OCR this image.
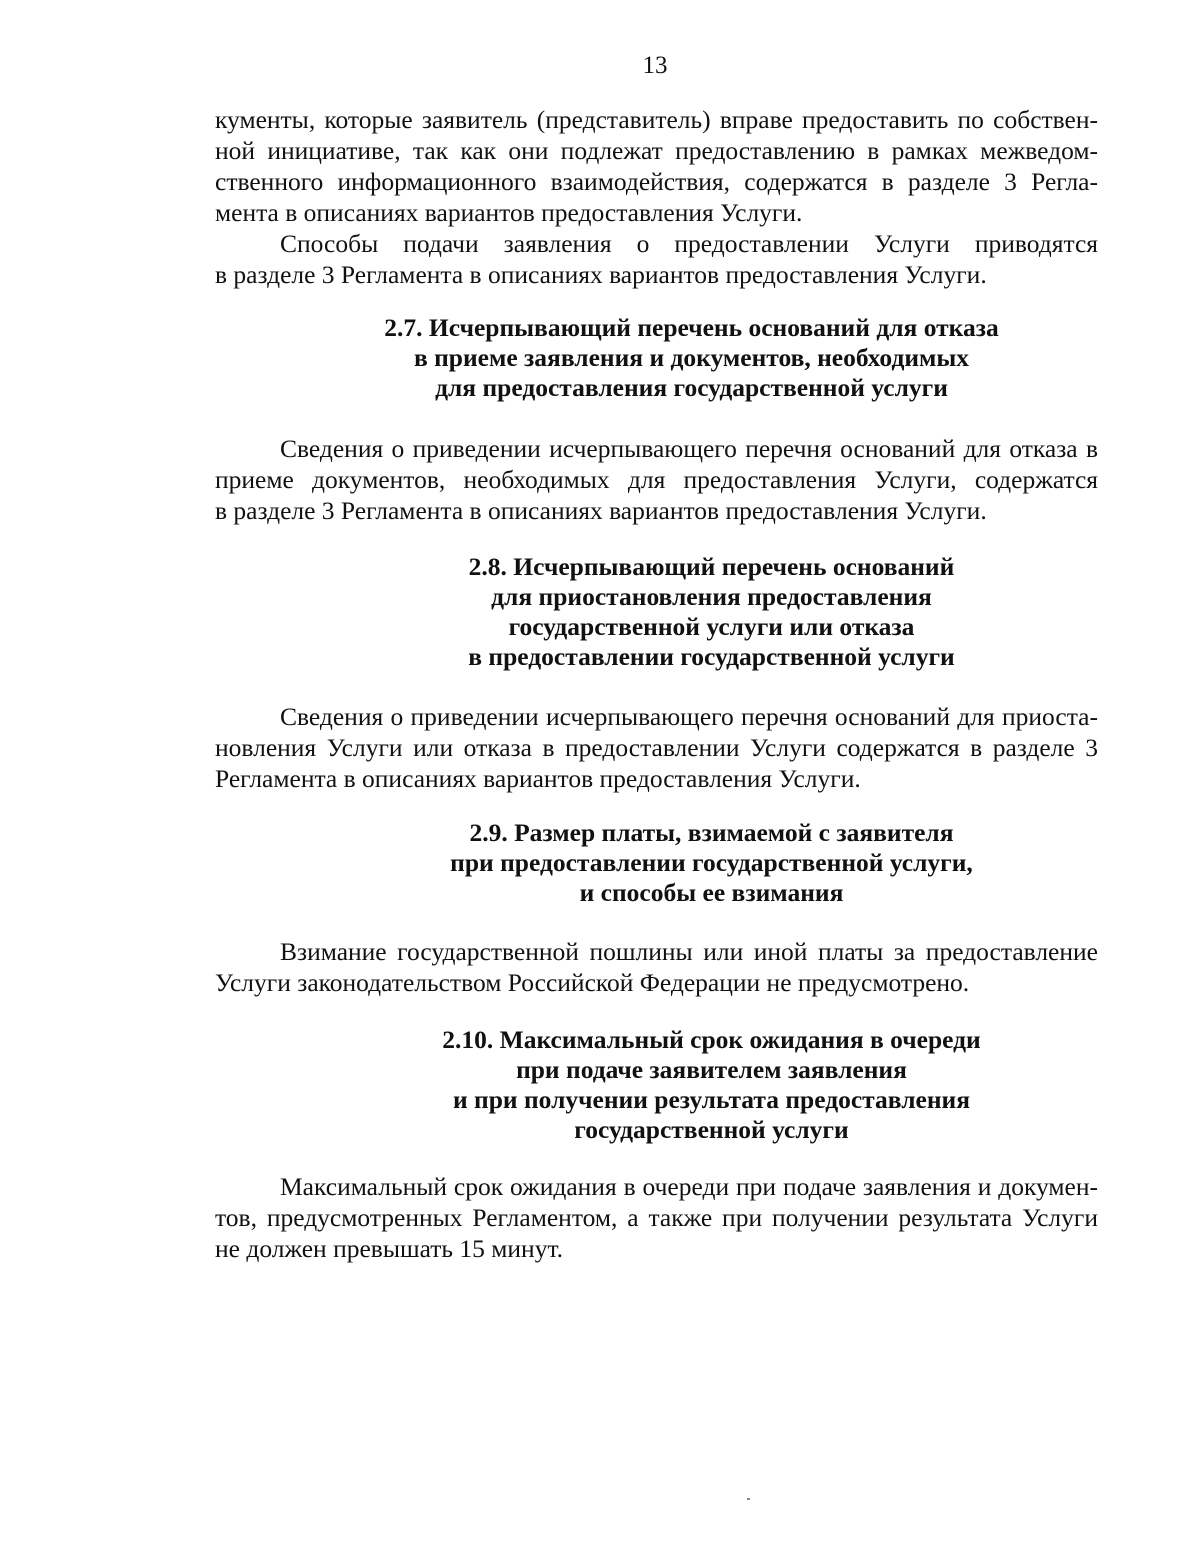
13
кументы, которые заявитель (представитель) вправе предоставить по собствен-
ной инициативе, так как они подлежат предоставлению в рамках межведом-
ственного информационного взаимодействия, содержатся в разделе 3 Регла-
мента в описаниях вариантов предоставления Услуги.
Способы подачи заявления о предоставлении Услуги приводятся
в разделе 3 Регламента в описаниях вариантов предоставления Услуги.
2.7. Исчерпывающий перечень оснований для отказа
в приеме заявления и документов, необходимых
для предоставления государственной услуги
Сведения о приведении исчерпывающего перечня оснований для отказа в
приеме документов, необходимых для предоставления Услуги, содержатся
в разделе 3 Регламента в описаниях вариантов предоставления Услуги.
2.8. Исчерпывающий перечень оснований
для приостановления предоставления
государственной услуги или отказа
в предоставлении государственной услуги
Сведения о приведении исчерпывающего перечня оснований для приоста-
новления Услуги или отказа в предоставлении Услуги содержатся в разделе 3
Регламента в описаниях вариантов предоставления Услуги.
2.9. Размер платы, взимаемой с заявителя
при предоставлении государственной услуги,
и способы ее взимания
Взимание государственной пошлины или иной платы за предоставление
Услуги законодательством Российской Федерации не предусмотрено.
2.10. Максимальный срок ожидания в очереди
при подаче заявителем заявления
и при получении результата предоставления
государственной услуги
Максимальный срок ожидания в очереди при подаче заявления и докумен-
тов, предусмотренных Регламентом, а также при получении результата Услуги
не должен превышать 15 минут.
